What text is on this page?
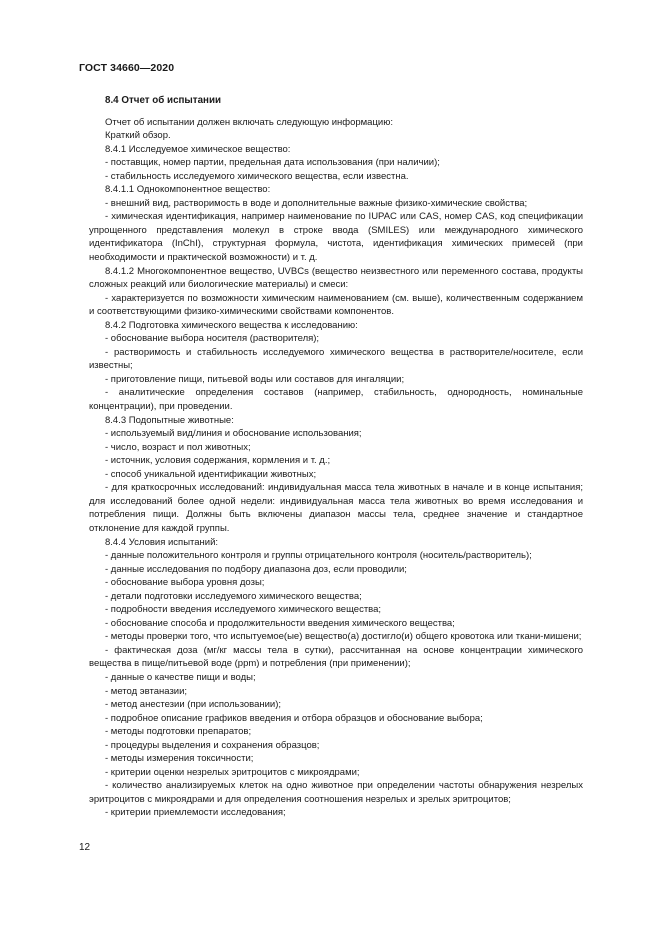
ГОСТ 34660—2020
8.4 Отчет об испытании

Отчет об испытании должен включать следующую информацию:

Краткий обзор.

8.4.1 Исследуемое химическое вещество:

- поставщик, номер партии, предельная дата использования (при наличии);

- стабильность исследуемого химического вещества, если известна.

8.4.1.1 Однокомпонентное вещество:

- внешний вид, растворимость в воде и дополнительные важные физико-химические свойства;

- химическая идентификация, например наименование по IUPAC или CAS, номер CAS, код спецификации упрощенного представления молекул в строке ввода (SMILES) или международного химического идентификатора (InChI), структурная формула, чистота, идентификация химических примесей (при необходимости и практической возможности) и т. д.

8.4.1.2 Многокомпонентное вещество, UVBCs (вещество неизвестного или переменного состава, продукты сложных реакций или биологические материалы) и смеси:

- характеризуется по возможности химическим наименованием (см. выше), количественным содержанием и соответствующими физико-химическими свойствами компонентов.

8.4.2 Подготовка химического вещества к исследованию:

- обоснование выбора носителя (растворителя);

- растворимость и стабильность исследуемого химического вещества в растворителе/носителе, если известны;

- приготовление пищи, питьевой воды или составов для ингаляции;

- аналитические определения составов (например, стабильность, однородность, номинальные концентрации), при проведении.

8.4.3 Подопытные животные:

- используемый вид/линия и обоснование использования;

- число, возраст и пол животных;

- источник, условия содержания, кормления и т. д.;

- способ уникальной идентификации животных;

- для краткосрочных исследований: индивидуальная масса тела животных в начале и в конце испытания; для исследований более одной недели: индивидуальная масса тела животных во время исследования и потребления пищи. Должны быть включены диапазон массы тела, среднее значение и стандартное отклонение для каждой группы.

8.4.4 Условия испытаний:

- данные положительного контроля и группы отрицательного контроля (носитель/растворитель);

- данные исследования по подбору диапазона доз, если проводили;

- обоснование выбора уровня дозы;

- детали подготовки исследуемого химического вещества;

- подробности введения исследуемого химического вещества;

- обоснование способа и продолжительности введения химического вещества;

- методы проверки того, что испытуемое(ые) вещество(а) достигло(и) общего кровотока или ткани-мишени;

- фактическая доза (мг/кг массы тела в сутки), рассчитанная на основе концентрации химического вещества в пище/питьевой воде (ppm) и потребления (при применении);

- данные о качестве пищи и воды;

- метод эвтаназии;

- метод анестезии (при использовании);

- подробное описание графиков введения и отбора образцов и обоснование выбора;

- методы подготовки препаратов;

- процедуры выделения и сохранения образцов;

- методы измерения токсичности;

- критерии оценки незрелых эритроцитов с микроядрами;

- количество анализируемых клеток на одно животное при определении частоты обнаружения незрелых эритроцитов с микроядрами и для определения соотношения незрелых и зрелых эритроцитов;

- критерии приемлемости исследования;

12
